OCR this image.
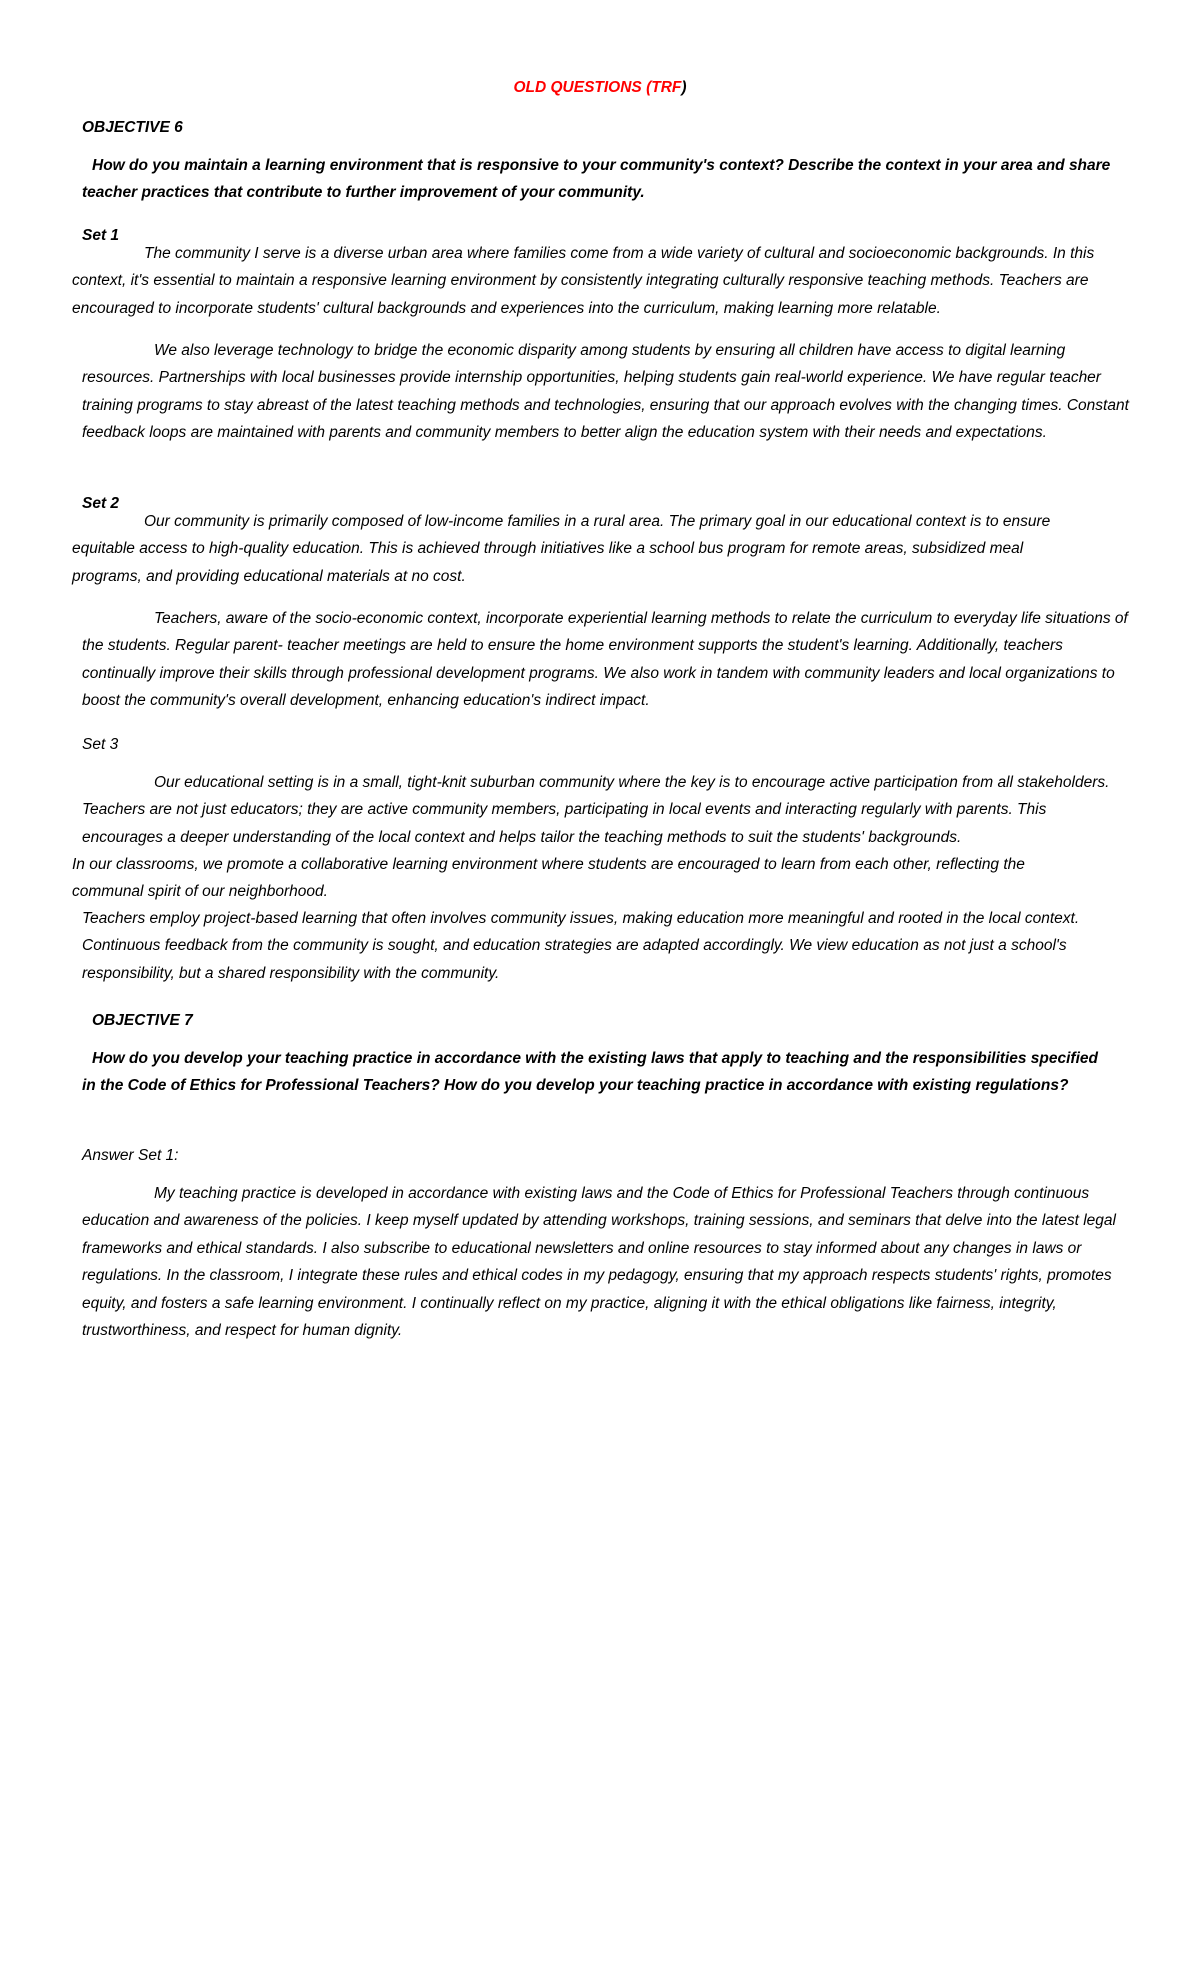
OLD QUESTIONS (TRF)
OBJECTIVE 6
How do you maintain a learning environment that is responsive to your community's context? Describe the context in your area and share teacher practices that contribute to further improvement of your community.
Set 1
The community I serve is a diverse urban area where families come from a wide variety of cultural and socioeconomic backgrounds. In this context, it's essential to maintain a responsive learning environment by consistently integrating culturally responsive teaching methods. Teachers are encouraged to incorporate students' cultural backgrounds and experiences into the curriculum, making learning more relatable.
We also leverage technology to bridge the economic disparity among students by ensuring all children have access to digital learning resources. Partnerships with local businesses provide internship opportunities, helping students gain real-world experience. We have regular teacher training programs to stay abreast of the latest teaching methods and technologies, ensuring that our approach evolves with the changing times. Constant feedback loops are maintained with parents and community members to better align the education system with their needs and expectations.
Set 2
Our community is primarily composed of low-income families in a rural area. The primary goal in our educational context is to ensure equitable access to high-quality education. This is achieved through initiatives like a school bus program for remote areas, subsidized meal programs, and providing educational materials at no cost.
Teachers, aware of the socio-economic context, incorporate experiential learning methods to relate the curriculum to everyday life situations of the students. Regular parent- teacher meetings are held to ensure the home environment supports the student's learning. Additionally, teachers continually improve their skills through professional development programs. We also work in tandem with community leaders and local organizations to boost the community's overall development, enhancing education's indirect impact.
Set 3
Our educational setting is in a small, tight-knit suburban community where the key is to encourage active participation from all stakeholders. Teachers are not just educators; they are active community members, participating in local events and interacting regularly with parents. This encourages a deeper understanding of the local context and helps tailor the teaching methods to suit the students' backgrounds.
In our classrooms, we promote a collaborative learning environment where students are encouraged to learn from each other, reflecting the communal spirit of our neighborhood.
Teachers employ project-based learning that often involves community issues, making education more meaningful and rooted in the local context. Continuous feedback from the community is sought, and education strategies are adapted accordingly. We view education as not just a school's responsibility, but a shared responsibility with the community.
OBJECTIVE 7
How do you develop your teaching practice in accordance with the existing laws that apply to teaching and the responsibilities specified in the Code of Ethics for Professional Teachers? How do you develop your teaching practice in accordance with existing regulations?
Answer Set 1:
My teaching practice is developed in accordance with existing laws and the Code of Ethics for Professional Teachers through continuous education and awareness of the policies. I keep myself updated by attending workshops, training sessions, and seminars that delve into the latest legal frameworks and ethical standards. I also subscribe to educational newsletters and online resources to stay informed about any changes in laws or regulations. In the classroom, I integrate these rules and ethical codes in my pedagogy, ensuring that my approach respects students' rights, promotes equity, and fosters a safe learning environment. I continually reflect on my practice, aligning it with the ethical obligations like fairness, integrity, trustworthiness, and respect for human dignity.
